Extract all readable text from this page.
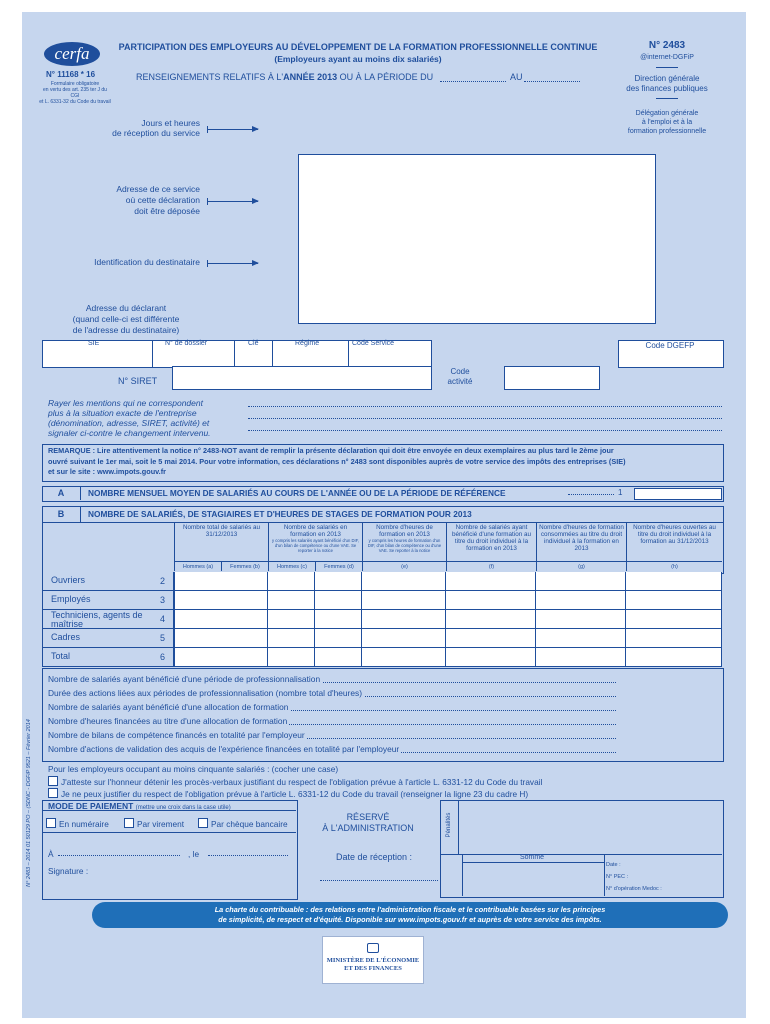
cerfa
N° 11168 * 16
Formulaire obligatoire
en vertu des art. 235 ter J du CGI
et L. 6331-32 du Code du travail
PARTICIPATION DES EMPLOYEURS AU DÉVELOPPEMENT DE LA FORMATION PROFESSIONNELLE CONTINUE
(Employeurs ayant au moins dix salariés)
RENSEIGNEMENTS RELATIFS À L'ANNÉE 2013 OU À LA PÉRIODE DU	AU
N° 2483
@internet-DGFiP
Direction générale
des finances publiques
Délégation générale
à l'emploi et à la
formation professionnelle
Jours et heures
de réception du service
Adresse de ce service
où cette déclaration
doit être déposée
Identification du destinataire
Adresse du déclarant
(quand celle-ci est différente
de l'adresse du destinataire)
SIE	N° de dossier	Clé	Régime	Code Service	Code DGEFP
N° SIRET
Code
activité
Rayer les mentions qui ne correspondent
plus à la situation exacte de l'entreprise
(dénomination, adresse, SIRET, activité) et
signaler ci-contre le changement intervenu.
REMARQUE : Lire attentivement la notice n° 2483-NOT avant de remplir la présente déclaration qui doit être envoyée en deux exemplaires au plus tard le 2ème jour
ouvré suivant le 1er mai, soit le 5 mai 2014. Pour votre information, ces déclarations n° 2483 sont disponibles auprès de votre service des impôts des entreprises (SIE)
et sur le site : www.impots.gouv.fr
A	NOMBRE MENSUEL MOYEN DE SALARIÉS AU COURS DE L'ANNÉE OU DE LA PÉRIODE DE RÉFÉRENCE	1
B	NOMBRE DE SALARIÉS, DE STAGIAIRES ET D'HEURES DE STAGES DE FORMATION POUR 2013
Nombre total de salariés au 31/12/2013
Nombre de salariés en formation en 2013
y compris les salariés ayant bénéficié d'un DIF, d'un bilan de compétence ou d'une VAE. Se reporter à la notice
Nombre d'heures de formation en 2013
y compris les heures de formation d'un DIF, d'un bilan de compétence ou d'une VAE. Se reporter à la notice
Nombre de salariés ayant bénéficié d'une formation au titre du droit individuel à la formation en 2013
Nombre d'heures de formation consommées au titre du droit individuel à la formation en 2013
Nombre d'heures ouvertes au titre du droit individuel à la formation au 31/12/2013
Hommes (a)	Femmes (b)	Hommes (c)	Femmes (d)	(e)	(f)	(g)	(h)
Ouvriers	2
Employés	3
Techniciens, agents de maîtrise	4
Cadres	5
Total	6
Nombre de salariés ayant bénéficié d'une période de professionnalisation
Durée des actions liées aux périodes de professionnalisation (nombre total d'heures)
Nombre de salariés ayant bénéficié d'une allocation de formation
Nombre d'heures financées au titre d'une allocation de formation
Nombre de bilans de compétence financés en totalité par l'employeur
Nombre d'actions de validation des acquis de l'expérience financées en totalité par l'employeur
Pour les employeurs occupant au moins cinquante salariés : (cocher une case)
J'atteste sur l'honneur détenir les procès-verbaux justifiant du respect de l'obligation prévue à l'article L. 6331-12 du Code du travail
Je ne peux justifier du respect de l'obligation prévue à l'article L. 6331-12 du Code du travail (renseigner la ligne 23 du cadre H)
MODE DE PAIEMENT (mettre une croix dans la case utile)
En numéraire	Par virement	Par chèque bancaire
À	, le
Signature :
RÉSERVÉ
À L'ADMINISTRATION
Date de réception :
Pénalités
Somme
Date :
N° PEC :
N° d'opération Medoc :
La charte du contribuable : des relations entre l'administration fiscale et le contribuable basées sur les principes
de simplicité, de respect et d'équité. Disponible sur www.impots.gouv.fr et auprès de votre service des impôts.
MINISTÈRE DE L'ÉCONOMIE
ET DES FINANCES
N° 2483 – 2014 01 50129 PO – (SDNC - DGFiP 9521 – Février 2014
